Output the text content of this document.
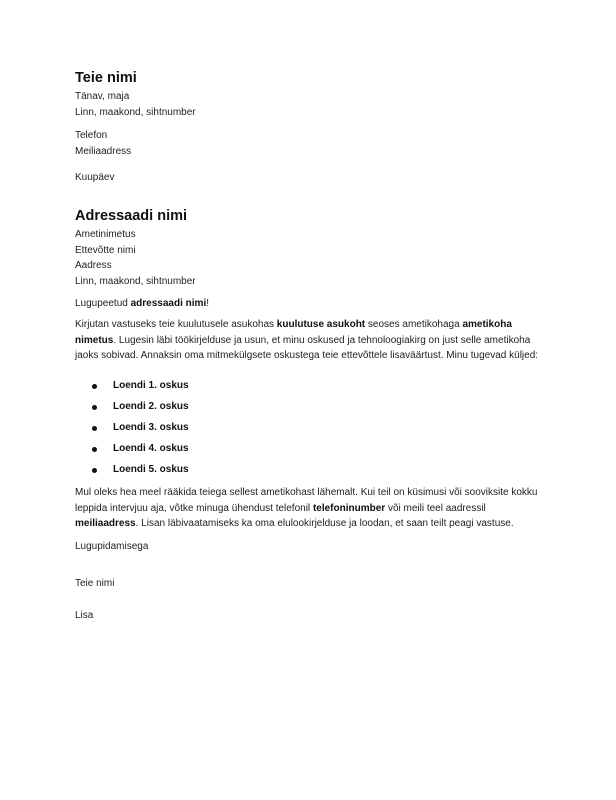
Teie nimi

Tänav, maja

Linn, maakond, sihtnumber

Telefon

Meiliaadress

Kuupäev

Adressaadi nimi

Ametinimetus

Ettevõtte nimi

Aadress

Linn, maakond, sihtnumber

Lugupeetud adressaadi nimi!

Kirjutan vastuseks teie kuulutusele asukohas kuulutuse asukoht seoses ametikohaga ametikoha nimetus. Lugesin läbi töökirjelduse ja usun, et minu oskused ja tehnoloogiakirg on just selle ametikoha jaoks sobivad. Annaksin oma mitmekülgsete oskustega teie ettevõttele lisaväärtust. Minu tugevad küljed:

Loendi 1. oskus
Loendi 2. oskus
Loendi 3. oskus
Loendi 4. oskus
Loendi 5. oskus

Mul oleks hea meel rääkida teiega sellest ametikohast lähemalt. Kui teil on küsimusi või sooviksite kokku leppida intervjuu aja, võtke minuga ühendust telefonil telefoninumber või meili teel aadressil meiliaadress. Lisan läbivaatamiseks ka oma elulookirjelduse ja loodan, et saan teilt peagi vastuse.

Lugupidamisega

Teie nimi

Lisa
